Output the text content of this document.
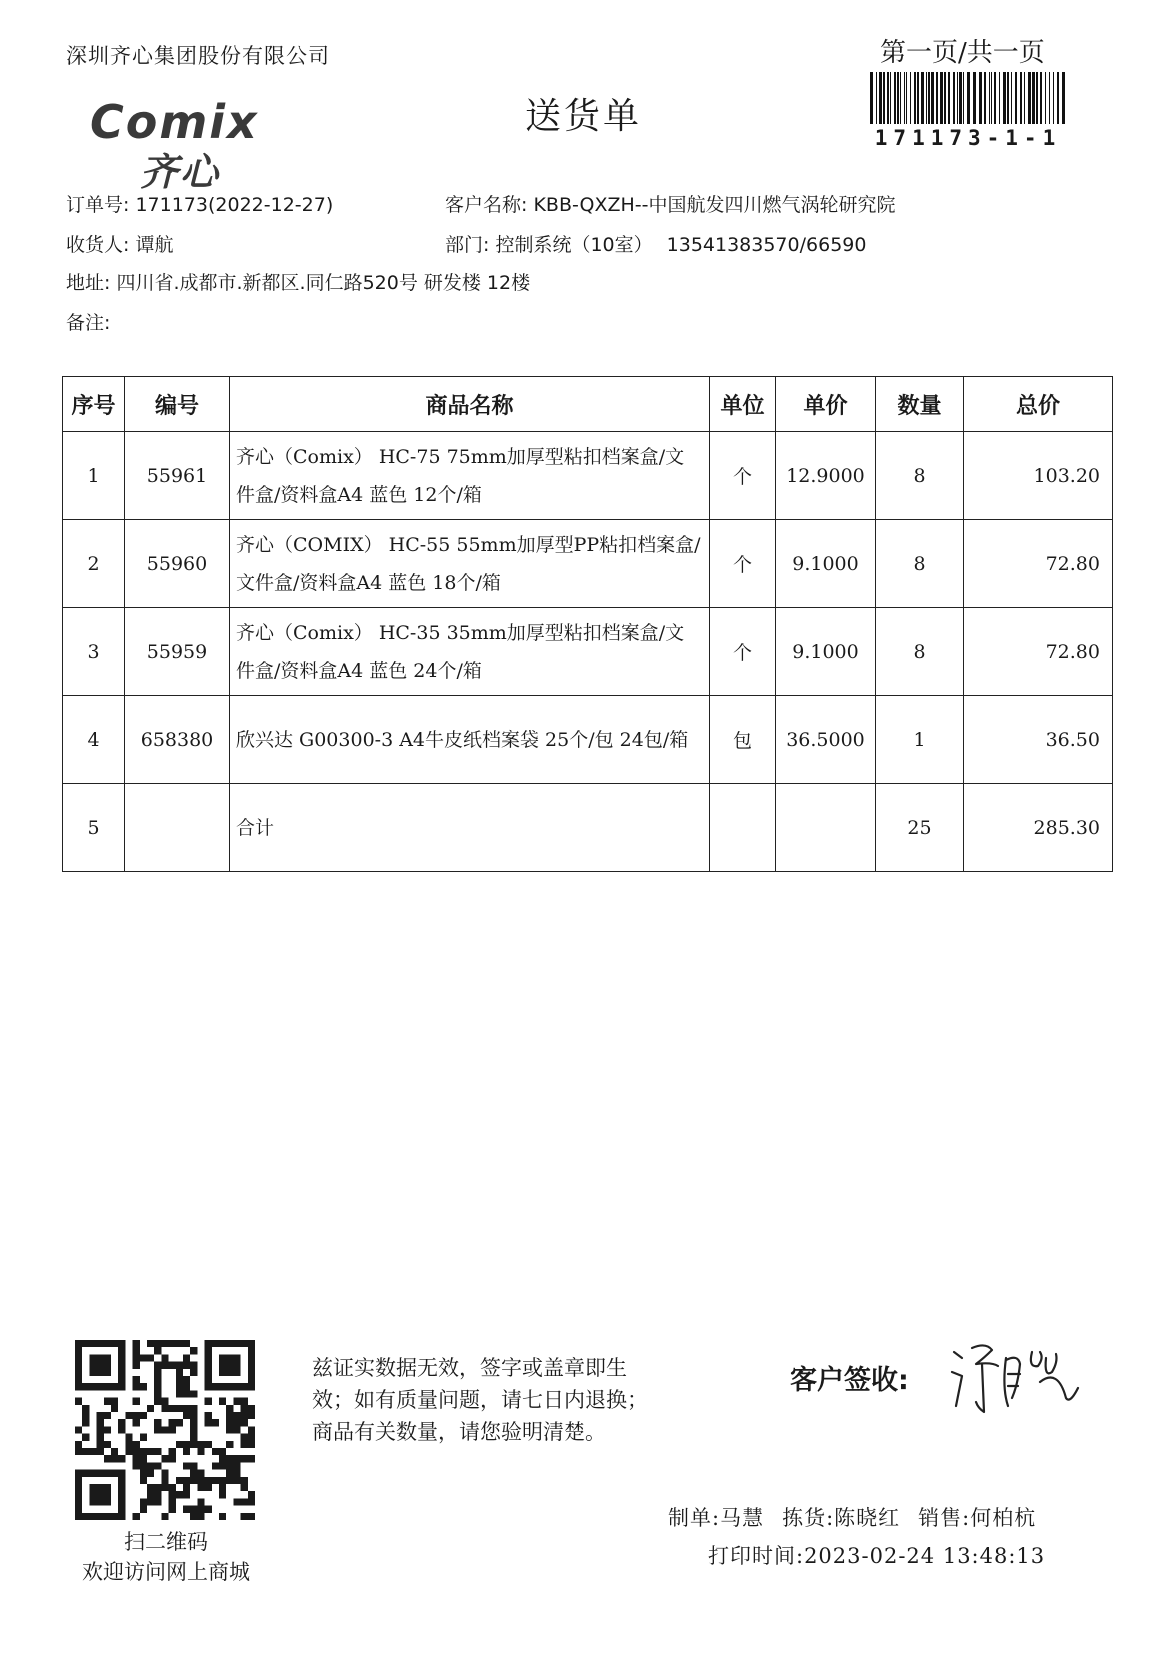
深圳齐心集团股份有限公司	第一页/共一页
171173-1-1
Comix
齐心
送货单
订单号: 171173(2022-12-27)	客户名称: KBB-QXZH--中国航发四川燃气涡轮研究院
收货人: 谭航	部门: 控制系统（10室） 13541383570/66590
地址: 四川省.成都市.新都区.同仁路520号 研发楼 12楼
备注:
序号	编号	商品名称	单位	单价	数量	总价
1	55961	齐心（Comix） HC-75 75mm加厚型粘扣档案盒/文件盒/资料盒A4 蓝色 12个/箱	个	12.9000	8	103.20
2	55960	齐心（COMIX） HC-55 55mm加厚型PP粘扣档案盒/文件盒/资料盒A4 蓝色 18个/箱	个	9.1000	8	72.80
3	55959	齐心（Comix） HC-35 35mm加厚型粘扣档案盒/文件盒/资料盒A4 蓝色 24个/箱	个	9.1000	8	72.80
4	658380	欣兴达 G00300-3 A4牛皮纸档案袋 25个/包 24包/箱	包	36.5000	1	36.50
5		合计			25	285.30
扫二维码
欢迎访问网上商城
兹证实数据无效，签字或盖章即生
效；如有质量问题，请七日内退换；
商品有关数量，请您验明清楚。
客户签收:
制单:马慧 拣货:陈晓红 销售:何柏杭
打印时间:2023-02-24 13:48:13
